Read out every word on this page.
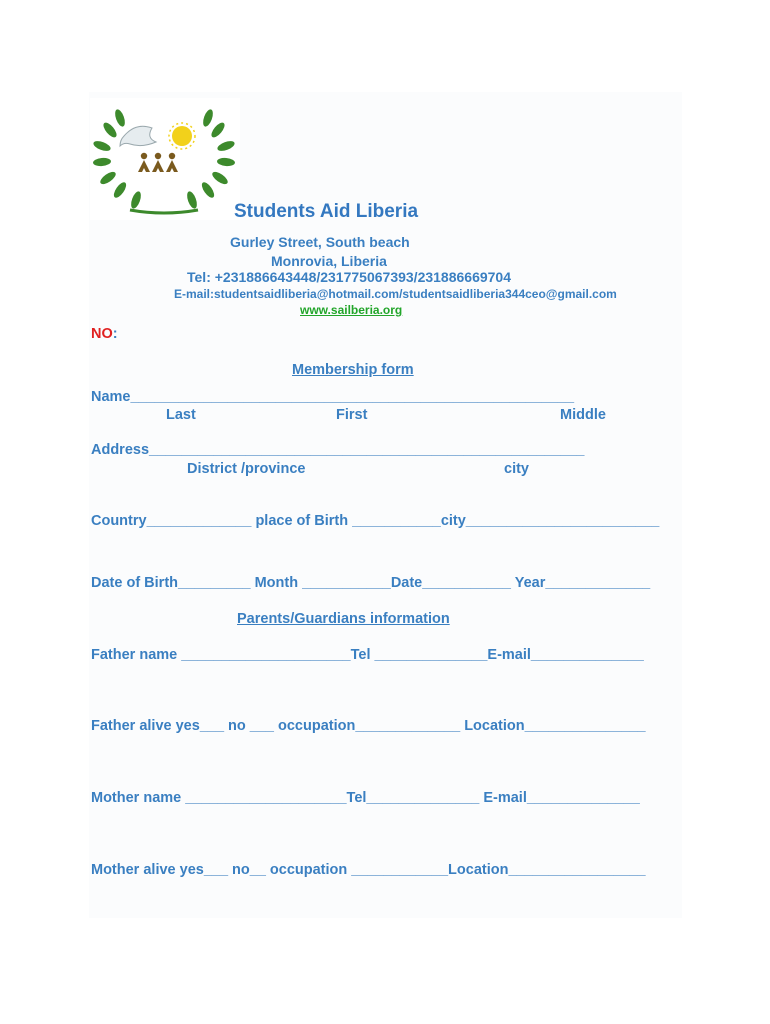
Students Aid Liberia
Gurley Street, South beach
Monrovia, Liberia
Tel: +231886643448/231775067393/231886669704
E-mail:studentsaidliberia@hotmail.com/studentsaidliberia344ceo@gmail.com
www.sailberia.org
NO:
Membership form
Name_______________________________________________________
Last	First	Middle
Address______________________________________________________
District /province	city
Country_____________ place of Birth ___________city________________________
Date of Birth_________ Month ___________Date___________ Year_____________
Parents/Guardians information
Father name _____________________Tel ______________E-mail______________
Father alive yes___ no ___ occupation_____________ Location_______________
Mother name ____________________Tel______________ E-mail______________
Mother alive yes___ no__ occupation ____________Location_________________
